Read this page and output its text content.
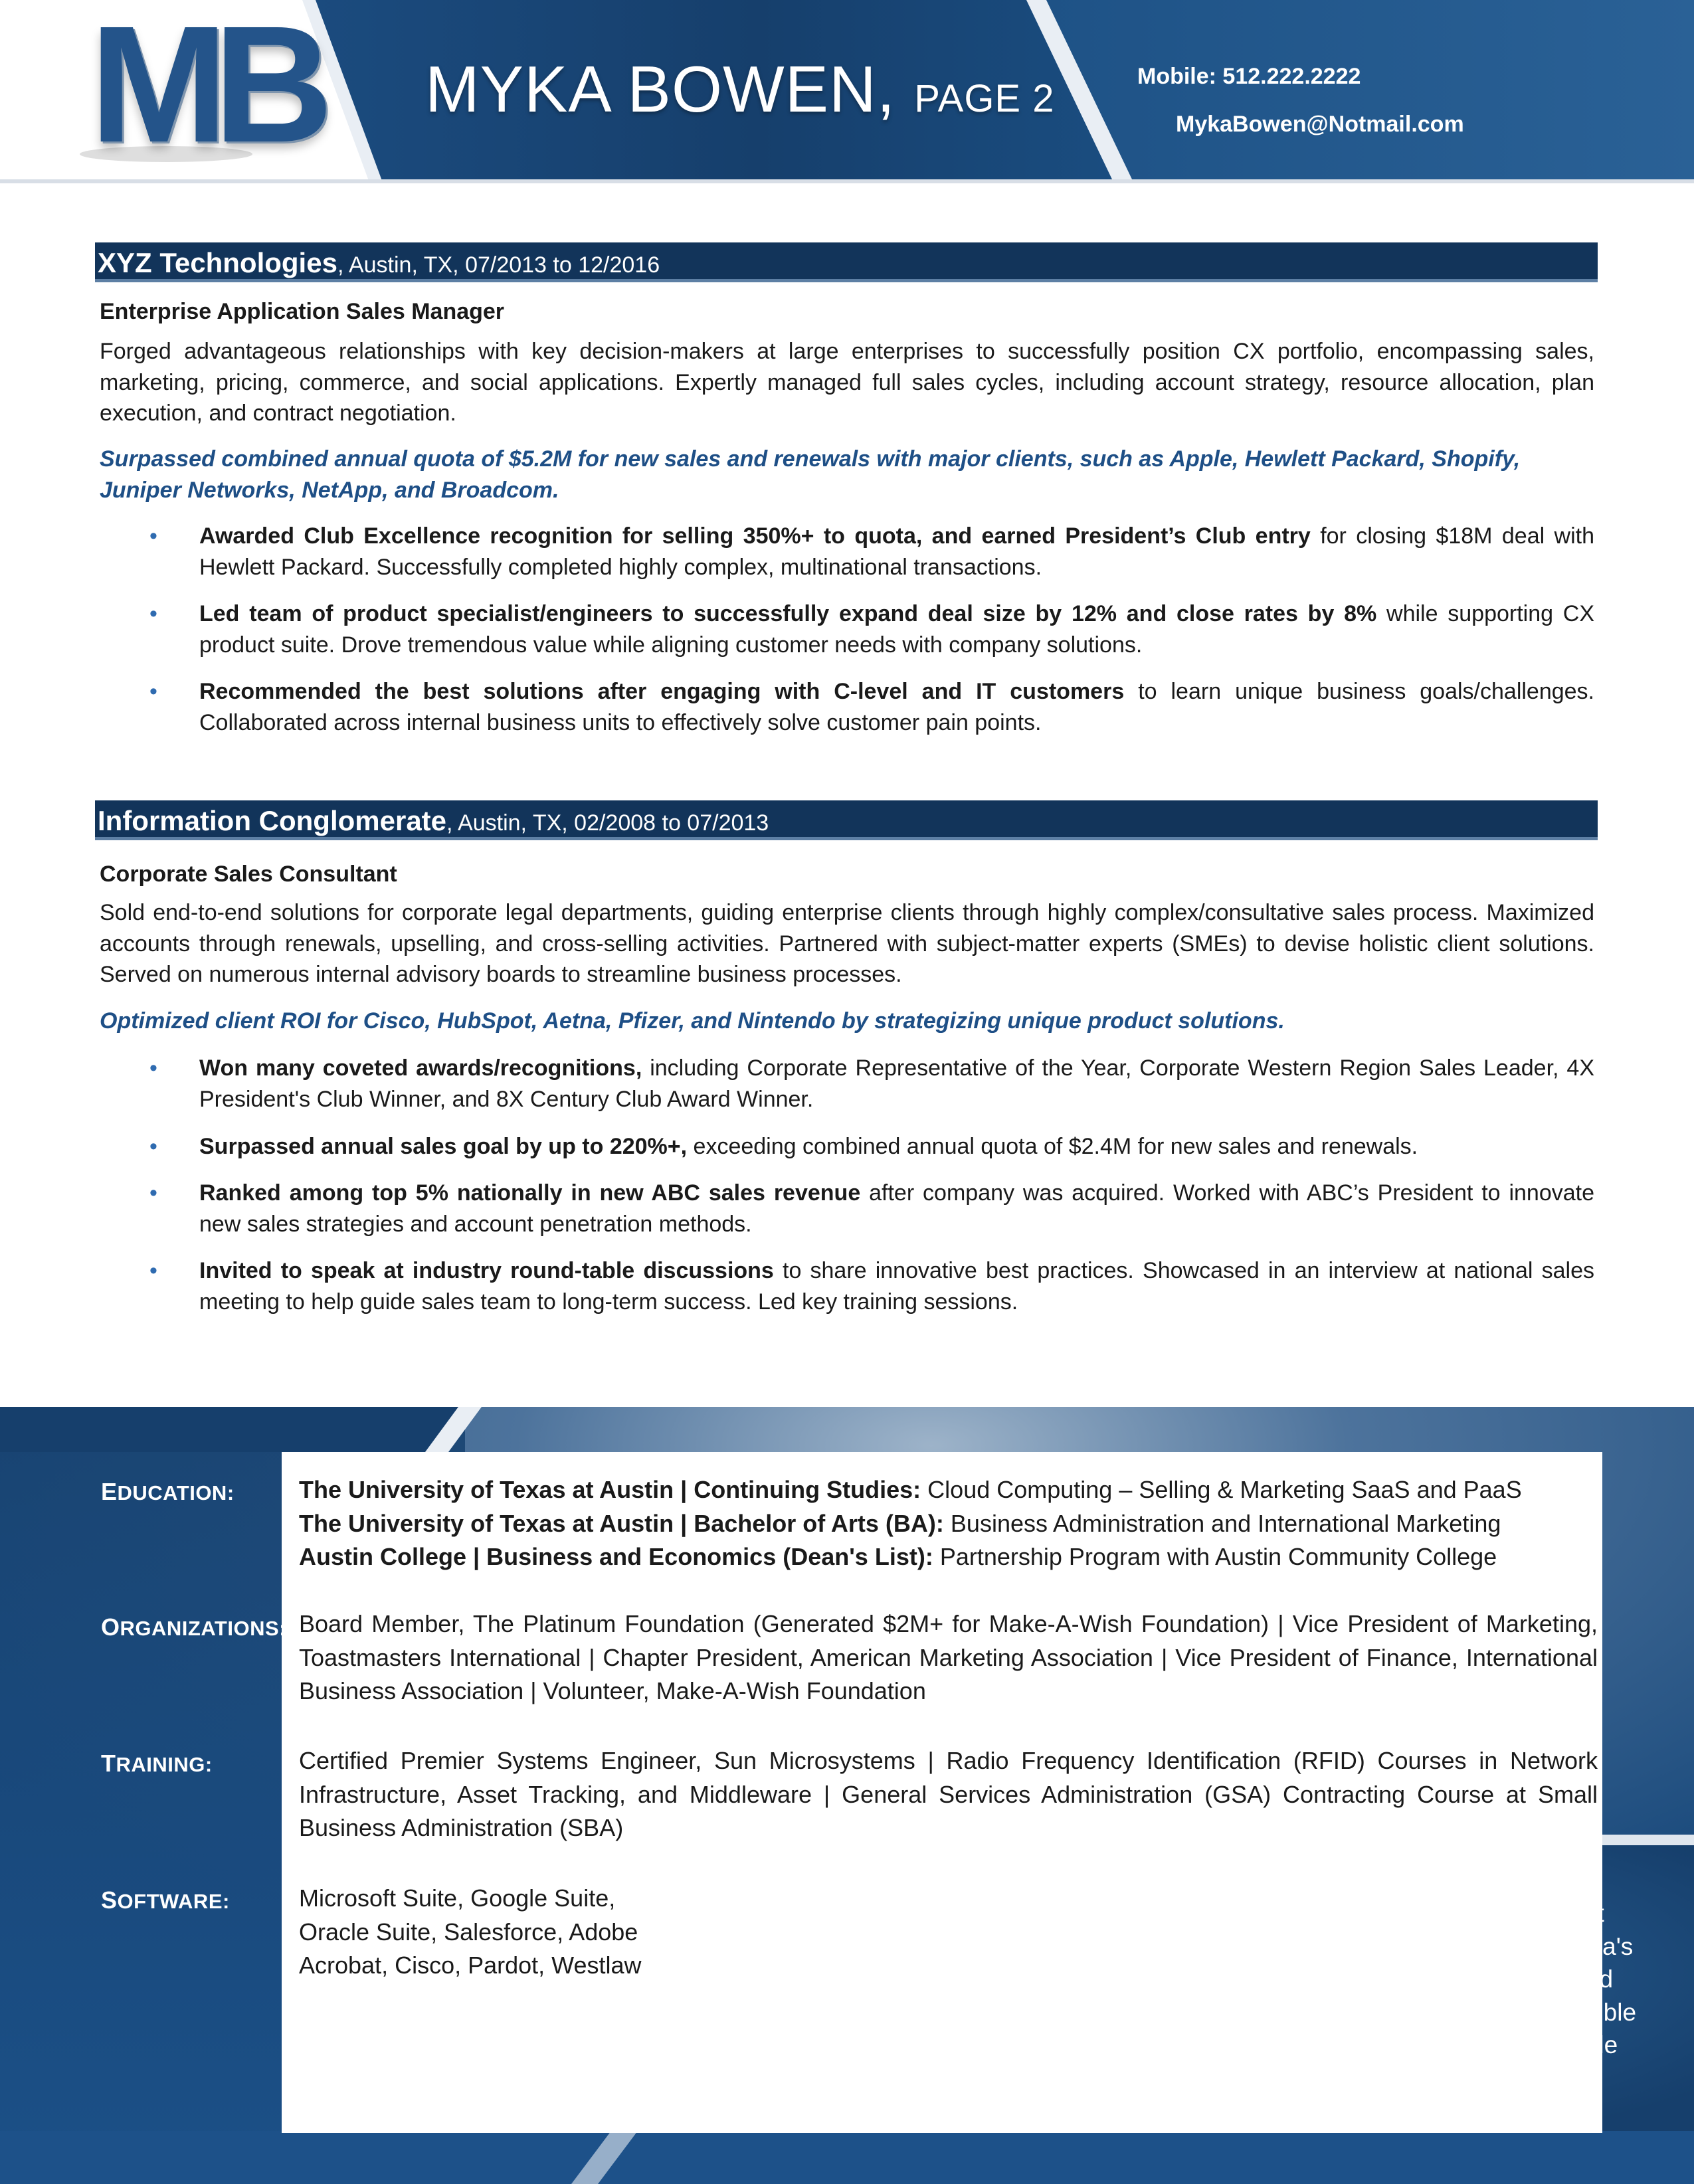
MB MYKA BOWEN, PAGE 2
Mobile: 512.222.2222
MykaBowen@Notmail.com
XYZ Technologies, Austin, TX, 07/2013 to 12/2016
Enterprise Application Sales Manager
Forged advantageous relationships with key decision-makers at large enterprises to successfully position CX portfolio, encompassing sales, marketing, pricing, commerce, and social applications. Expertly managed full sales cycles, including account strategy, resource allocation, plan execution, and contract negotiation.
Surpassed combined annual quota of $5.2M for new sales and renewals with major clients, such as Apple, Hewlett Packard, Shopify, Juniper Networks, NetApp, and Broadcom.
• Awarded Club Excellence recognition for selling 350%+ to quota, and earned President’s Club entry for closing $18M deal with Hewlett Packard. Successfully completed highly complex, multinational transactions.
• Led team of product specialist/engineers to successfully expand deal size by 12% and close rates by 8% while supporting CX product suite. Drove tremendous value while aligning customer needs with company solutions.
• Recommended the best solutions after engaging with C-level and IT customers to learn unique business goals/challenges. Collaborated across internal business units to effectively solve customer pain points.
Information Conglomerate, Austin, TX, 02/2008 to 07/2013
Corporate Sales Consultant
Sold end-to-end solutions for corporate legal departments, guiding enterprise clients through highly complex/consultative sales process. Maximized accounts through renewals, upselling, and cross-selling activities. Partnered with subject-matter experts (SMEs) to devise holistic client solutions. Served on numerous internal advisory boards to streamline business processes.
Optimized client ROI for Cisco, HubSpot, Aetna, Pfizer, and Nintendo by strategizing unique product solutions.
• Won many coveted awards/recognitions, including Corporate Representative of the Year, Corporate Western Region Sales Leader, 4X President's Club Winner, and 8X Century Club Award Winner.
• Surpassed annual sales goal by up to 220%+, exceeding combined annual quota of $2.4M for new sales and renewals.
• Ranked among top 5% nationally in new ABC sales revenue after company was acquired. Worked with ABC’s President to innovate new sales strategies and account penetration methods.
• Invited to speak at industry round-table discussions to share innovative best practices. Showcased in an interview at national sales meeting to help guide sales team to long-term success. Led key training sessions.
EDUCATION:	The University of Texas at Austin | Continuing Studies: Cloud Computing – Selling & Marketing SaaS and PaaS
The University of Texas at Austin | Bachelor of Arts (BA): Business Administration and International Marketing
Austin College | Business and Economics (Dean's List): Partnership Program with Austin Community College
ORGANIZATIONS: Board Member, The Platinum Foundation (Generated $2M+ for Make-A-Wish Foundation) | Vice President of Marketing, Toastmasters International | Chapter President, American Marketing Association | Vice President of Finance, International Business Association | Volunteer, Make-A-Wish Foundation
TRAINING:	Certified Premier Systems Engineer, Sun Microsystems | Radio Frequency Identification (RFID) Courses in Network Infrastructure, Asset Tracking, and Middleware | General Services Administration (GSA) Contracting Course at Small Business Administration (SBA)
SOFTWARE:	Microsoft Suite, Google Suite,
Oracle Suite, Salesforce, Adobe
Acrobat, Cisco, Pardot, Westlaw
"Working with Myka has been an absolute game-changer. As our best performer, she built a remarkable $85M pipeline in less than a year. Myka's innovative approach to sales, combined with a knack for identifying and capitalizing million-dollar opportunities, has consistently delivered incredible results. Her ability to connect with C-suite clients and secure high-profile deals is deeply inspirational.”
– Sam Hopkins, CEO, ABC Company
